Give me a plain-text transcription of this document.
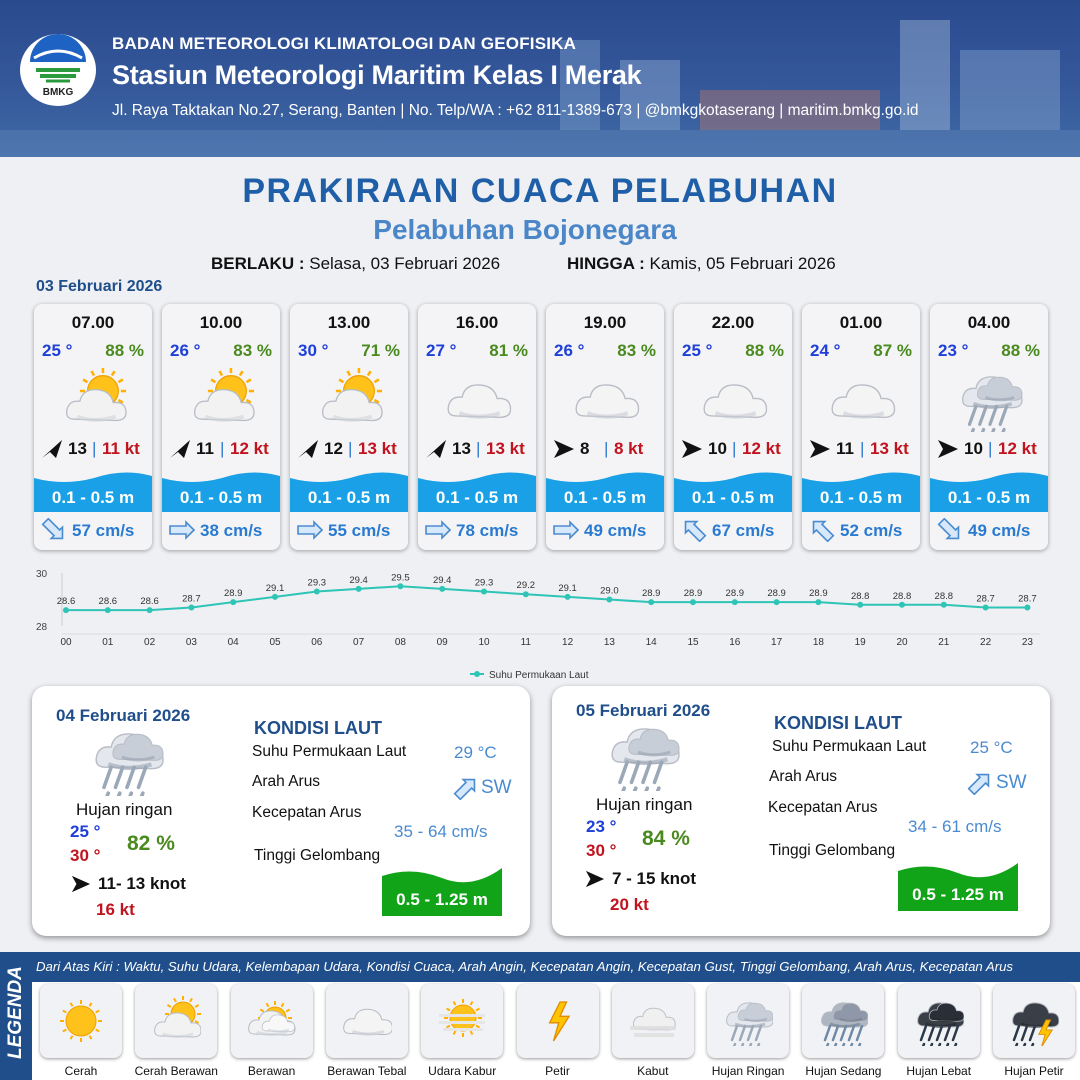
BMKG
BADAN METEOROLOGI KLIMATOLOGI DAN GEOFISIKA
Stasiun Meteorologi Maritim Kelas I Merak
Jl. Raya Taktakan No.27, Serang, Banten | No. Telp/WA : +62 811-1389-673 | @bmkgkotaserang | maritim.bmkg.go.id
PRAKIRAAN CUACA PELABUHAN
Pelabuhan Bojonegara
BERLAKU : Selasa, 03 Februari 2026	HINGGA : Kamis, 05 Februari 2026
03 Februari 2026
07.00
25 ° 88 %
13 | 11 kt
0.1 - 0.5 m
57 cm/s
10.00
26 ° 83 %
11 | 12 kt
0.1 - 0.5 m
38 cm/s
13.00
30 ° 71 %
12 | 13 kt
0.1 - 0.5 m
55 cm/s
16.00
27 ° 81 %
13 | 13 kt
0.1 - 0.5 m
78 cm/s
19.00
26 ° 83 %
8 | 8 kt
0.1 - 0.5 m
49 cm/s
22.00
25 ° 88 %
10 | 12 kt
0.1 - 0.5 m
67 cm/s
01.00
24 ° 87 %
11 | 13 kt
0.1 - 0.5 m
52 cm/s
04.00
23 ° 88 %
10 | 12 kt
0.1 - 0.5 m
49 cm/s
30
28
28.6
00
28.6
01
28.6
02
28.7
03
28.9
04
29.1
05
29.3
06
29.4
07
29.5
08
29.4
09
29.3
10
29.2
11
29.1
12
29.0
13
28.9
14
28.9
15
28.9
16
28.9
17
28.9
18
28.8
19
28.8
20
28.8
21
28.7
22
28.7
23
Suhu Permukaan Laut
04 Februari 2026
Hujan ringan
25 °
30 °
82 %
11- 13 knot
16 kt
KONDISI LAUT
Suhu Permukaan Laut	29 °C
Arah Arus	SW
Kecepatan Arus
35 - 64 cm/s
Tinggi Gelombang
0.5 - 1.25 m
05 Februari 2026
Hujan ringan
23 °
30 °
84 %
7 - 15 knot
20 kt
KONDISI LAUT
Suhu Permukaan Laut	25 °C
Arah Arus	SW
Kecepatan Arus
34 - 61 cm/s
Tinggi Gelombang
0.5 - 1.25 m
LEGENDA Dari Atas Kiri : Waktu, Suhu Udara, Kelembapan Udara, Kondisi Cuaca, Arah Angin, Kecepatan Angin, Kecepatan Gust, Tinggi Gelombang, Arah Arus, Kecepatan Arus
Cerah	Cerah Berawan	Berawan	Berawan Tebal	Udara Kabur	Petir	Kabut	Hujan Ringan	Hujan Sedang	Hujan Lebat	Hujan Petir
